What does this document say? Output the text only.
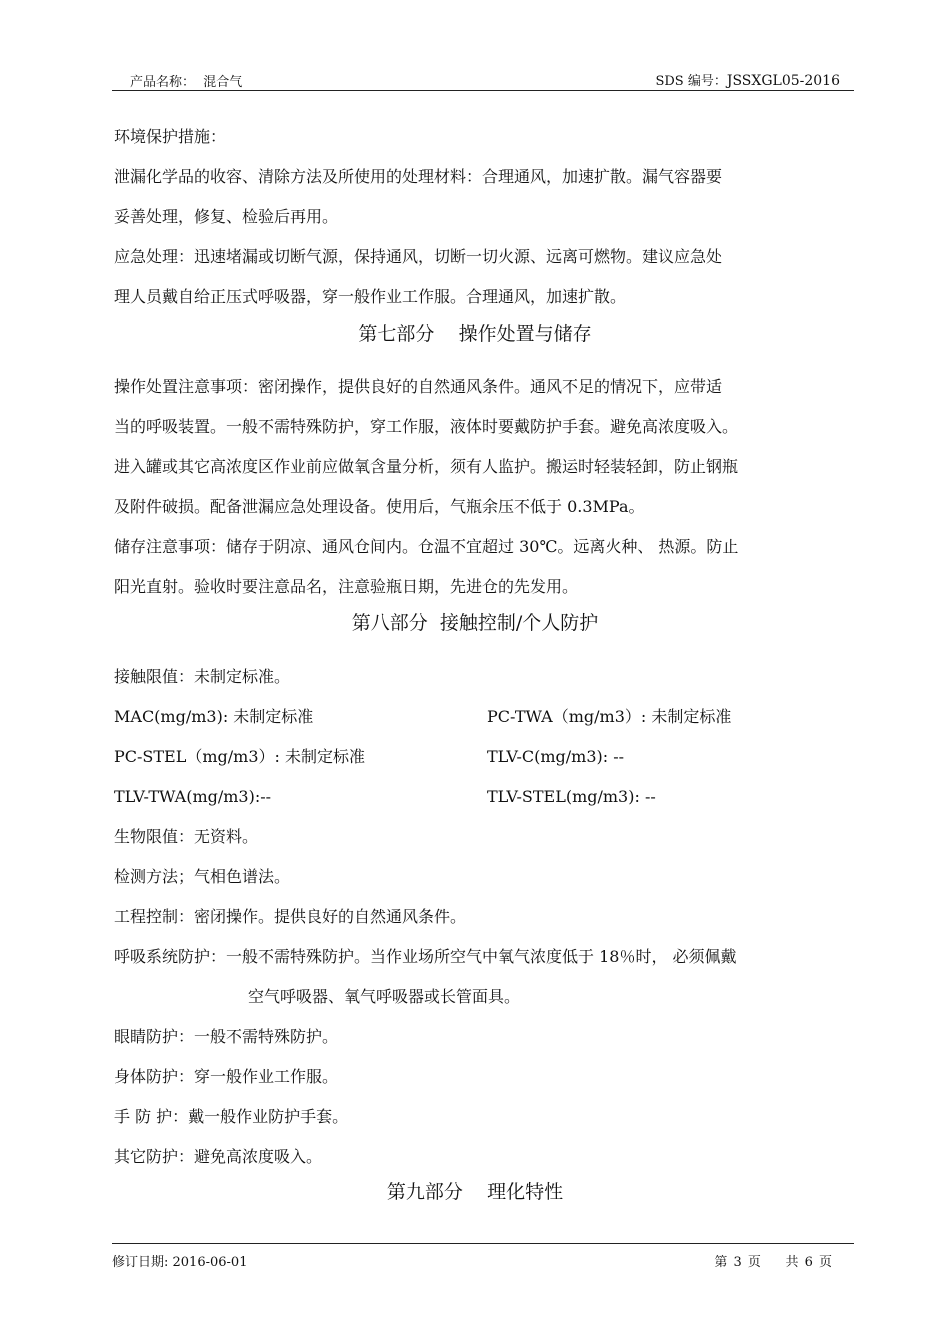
产品名称：  混合气	SDS 编号：JSSXGL05-2016
环境保护措施：
泄漏化学品的收容、清除方法及所使用的处理材料：合理通风，加速扩散。漏气容器要
妥善处理，修复、检验后再用。
应急处理：迅速堵漏或切断气源，保持通风，切断一切火源、远离可燃物。建议应急处
理人员戴自给正压式呼吸器，穿一般作业工作服。合理通风，加速扩散。
第七部分    操作处置与储存
操作处置注意事项：密闭操作，提供良好的自然通风条件。通风不足的情况下，应带适
当的呼吸装置。一般不需特殊防护，穿工作服，液体时要戴防护手套。避免高浓度吸入。
进入罐或其它高浓度区作业前应做氧含量分析，须有人监护。搬运时轻装轻卸，防止钢瓶
及附件破损。配备泄漏应急处理设备。使用后，气瓶余压不低于 0.3MPa。
储存注意事项：储存于阴凉、通风仓间内。仓温不宜超过 30℃。远离火种、 热源。防止
阳光直射。验收时要注意品名，注意验瓶日期，先进仓的先发用。
第八部分  接触控制/个人防护
接触限值：未制定标准。
MAC(mg/m3): 未制定标准	PC-TWA（mg/m3）: 未制定标准
PC-STEL（mg/m3）: 未制定标准	TLV-C(mg/m3): --
TLV-TWA(mg/m3):--	TLV-STEL(mg/m3): --
生物限值：无资料。
检测方法；气相色谱法。
工程控制：密闭操作。提供良好的自然通风条件。
呼吸系统防护：一般不需特殊防护。当作业场所空气中氧气浓度低于 18％时， 必须佩戴
空气呼吸器、氧气呼吸器或长管面具。
眼睛防护：一般不需特殊防护。
身体防护：穿一般作业工作服。
手 防 护：戴一般作业防护手套。
其它防护：避免高浓度吸入。
第九部分    理化特性
修订日期: 2016-06-01	第 3 页    共 6 页
